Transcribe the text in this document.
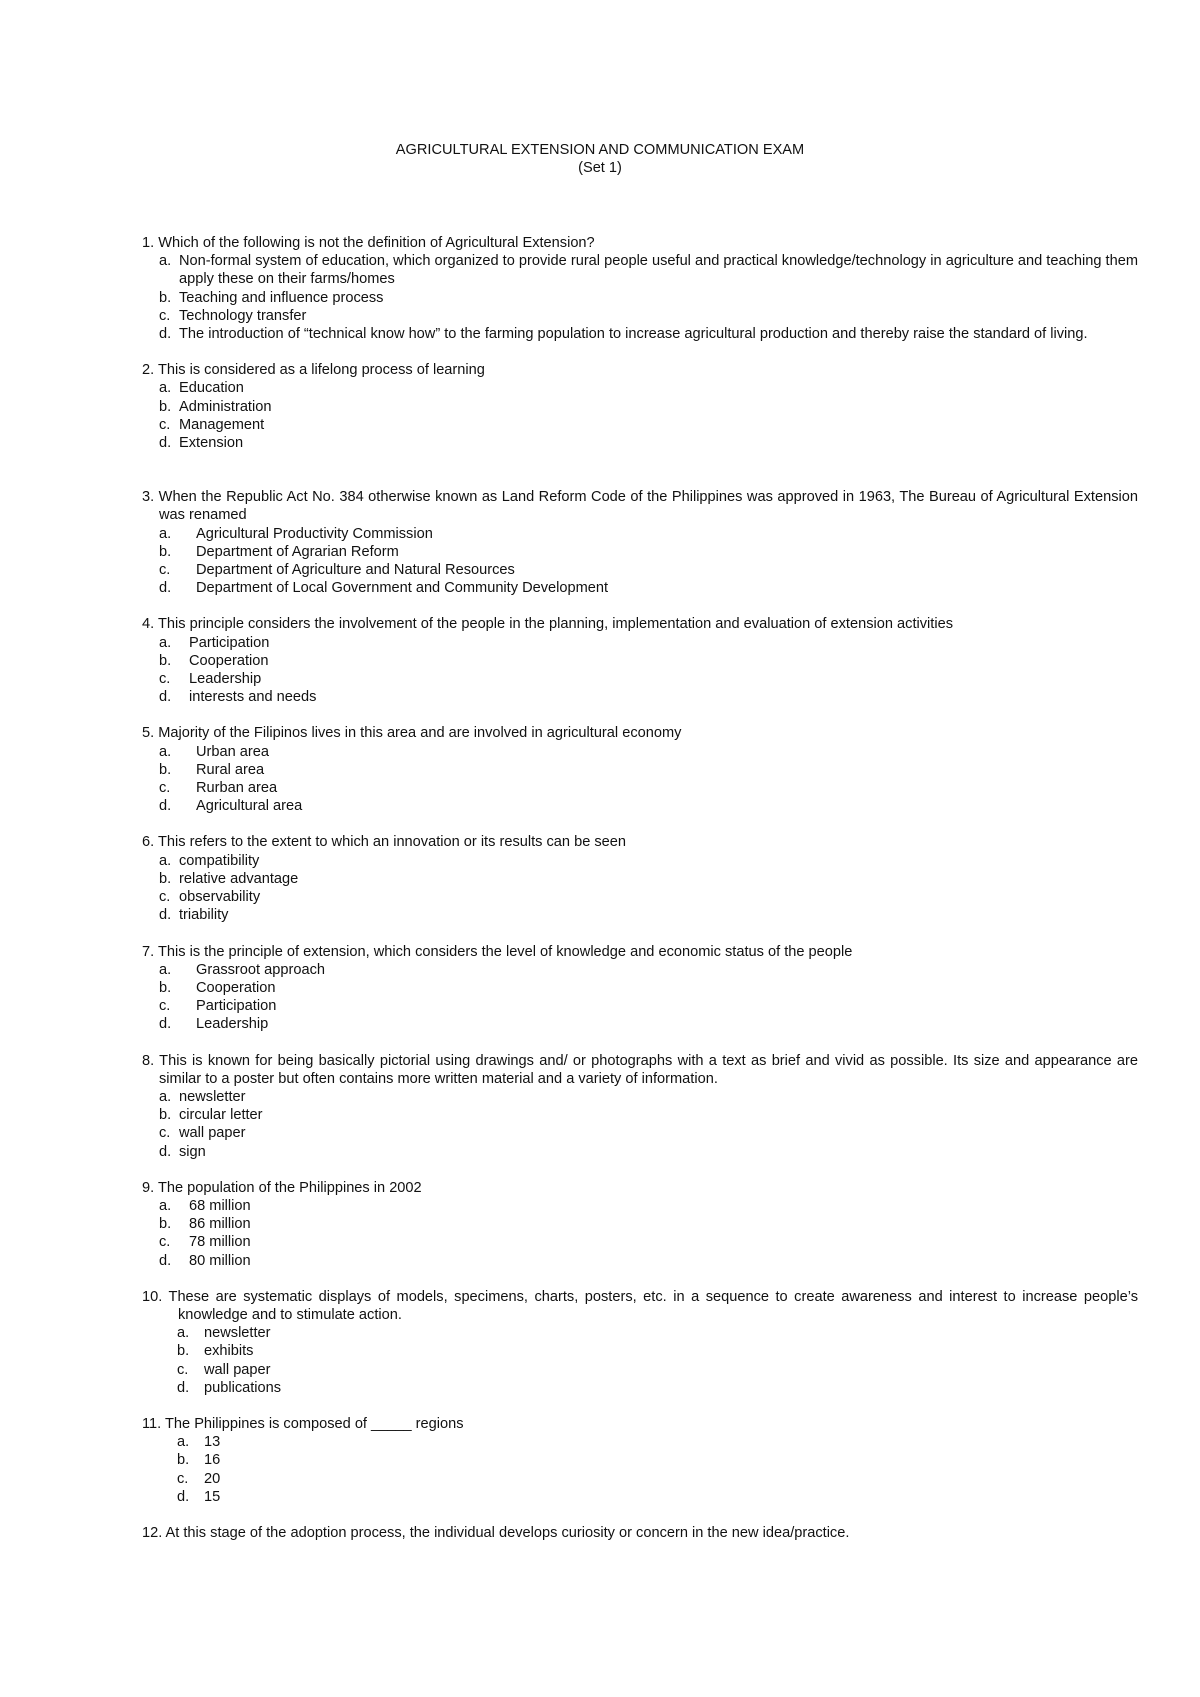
AGRICULTURAL EXTENSION AND COMMUNICATION EXAM
(Set 1)
1. Which of the following is not the definition of Agricultural Extension?
a. Non-formal system of education, which organized to provide rural people useful and practical knowledge/technology in agriculture and teaching them apply these on their farms/homes
b. Teaching and influence process
c. Technology transfer
d. The introduction of “technical know how” to the farming population to increase agricultural production and thereby raise the standard of living.
2. This is considered as a lifelong process of learning
a. Education
b. Administration
c. Management
d. Extension
3. When the Republic Act No. 384 otherwise known as Land Reform Code of the Philippines was approved in 1963, The Bureau of Agricultural Extension was renamed
a. Agricultural Productivity Commission
b. Department of Agrarian Reform
c. Department of Agriculture and Natural Resources
d. Department of Local Government and Community Development
4. This principle considers the involvement of the people in the planning, implementation and evaluation of extension activities
a. Participation
b. Cooperation
c. Leadership
d. interests and needs
5. Majority of the Filipinos lives in this area and are involved in agricultural economy
a. Urban area
b. Rural area
c. Rurban area
d. Agricultural area
6. This refers to the extent to which an innovation or its results can be seen
a. compatibility
b. relative advantage
c. observability
d. triability
7. This is the principle of extension, which considers the level of knowledge and economic status of the people
a. Grassroot approach
b. Cooperation
c. Participation
d. Leadership
8. This is known for being basically pictorial using drawings and/ or photographs with a text as brief and vivid as possible. Its size and appearance are similar to a poster but often contains more written material and a variety of information.
a. newsletter
b. circular letter
c. wall paper
d. sign
9. The population of the Philippines in 2002
a. 68 million
b. 86 million
c. 78 million
d. 80 million
10. These are systematic displays of models, specimens, charts, posters, etc. in a sequence to create awareness and interest to increase people’s knowledge and to stimulate action.
a. newsletter
b. exhibits
c. wall paper
d. publications
11. The Philippines is composed of _____ regions
a. 13
b. 16
c. 20
d. 15
12. At this stage of the adoption process, the individual develops curiosity or concern in the new idea/practice.
